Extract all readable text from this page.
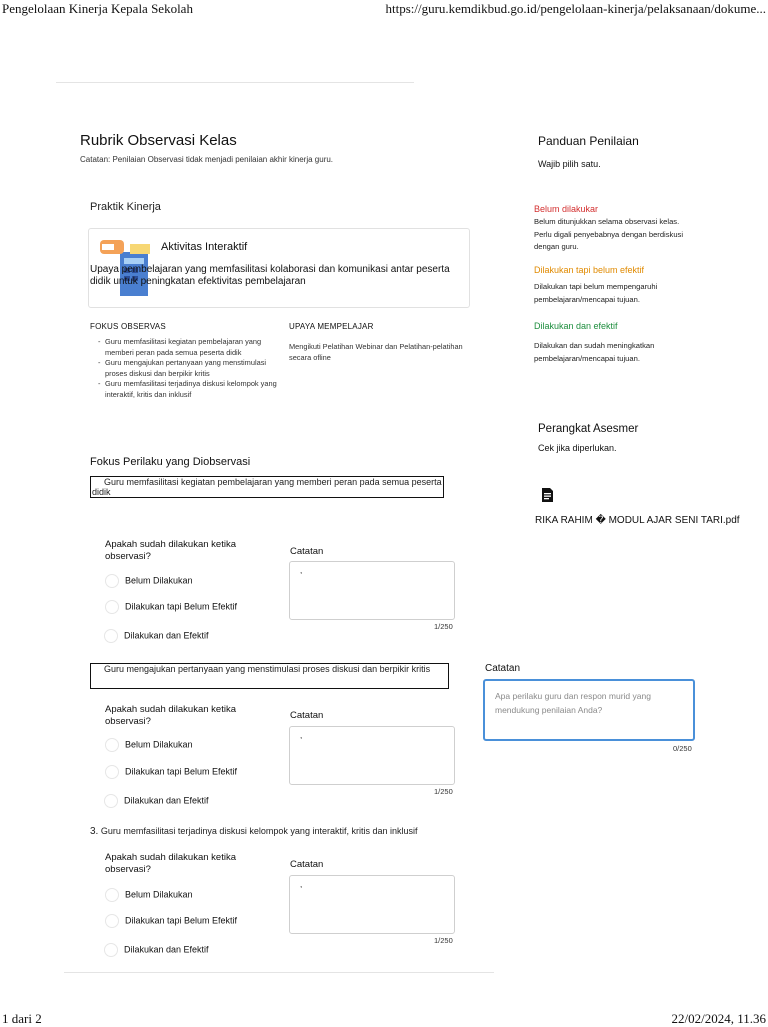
Pengelolaan Kinerja Kepala Sekolah	https://guru.kemdikbud.go.id/pengelolaan-kinerja/pelaksanaan/dokume...
1 dari 2	22/02/2024, 11.36
Rubrik Observasi Kelas
Catatan: Penilaian Observasi tidak menjadi penilaian akhir kinerja guru.
Praktik Kinerja
Aktivitas Interaktif
Upaya pembelajaran yang memfasilitasi kolaborasi dan komunikasi antar peserta didik untuk peningkatan efektivitas pembelajaran
FOKUS OBSERVAS
- Guru memfasilitasi kegiatan pembelajaran yang memberi peran pada semua peserta didik
- Guru mengajukan pertanyaan yang menstimulasi proses diskusi dan berpikir kritis
- Guru memfasilitasi terjadinya diskusi kelompok yang interaktif, kritis dan inklusif
UPAYA MEMPELAJAR
Mengikuti Pelatihan Webinar dan Pelatihan-pelatihan secara ofline
Fokus Perilaku yang Diobservasi
Guru memfasilitasi kegiatan pembelajaran yang memberi peran pada semua peserta didik
Apakah sudah dilakukan ketika observasi?	Catatan
Belum Dilakukan
Dilakukan tapi Belum Efektif
Dilakukan dan Efektif
,
1/250
Guru mengajukan pertanyaan yang menstimulasi proses diskusi dan berpikir kritis
Apakah sudah dilakukan ketika observasi?
Catatan
Belum Dilakukan
Dilakukan tapi Belum Efektif
Dilakukan dan Efektif
,
1/250
3. Guru memfasilitasi terjadinya diskusi kelompok yang interaktif, kritis dan inklusif
Apakah sudah dilakukan ketika observasi?	Catatan
Belum Dilakukan
Dilakukan tapi Belum Efektif
Dilakukan dan Efektif
,
1/250
Panduan Penilaian
Wajib pilih satu.
Belum dilakukar
Belum ditunjukkan selama observasi kelas. Perlu digali penyebabnya dengan berdiskusi dengan guru.
Dilakukan tapi belum efektif
Dilakukan tapi belum mempengaruhi pembelajaran/mencapai tujuan.
Dilakukan dan efektif
Dilakukan dan sudah meningkatkan pembelajaran/mencapai tujuan.
Perangkat Asesmer
Cek jika diperlukan.
RIKA RAHIM � MODUL AJAR SENI TARI.pdf
Catatan
Apa perilaku guru dan respon murid yang mendukung penilaian Anda?
0/250
